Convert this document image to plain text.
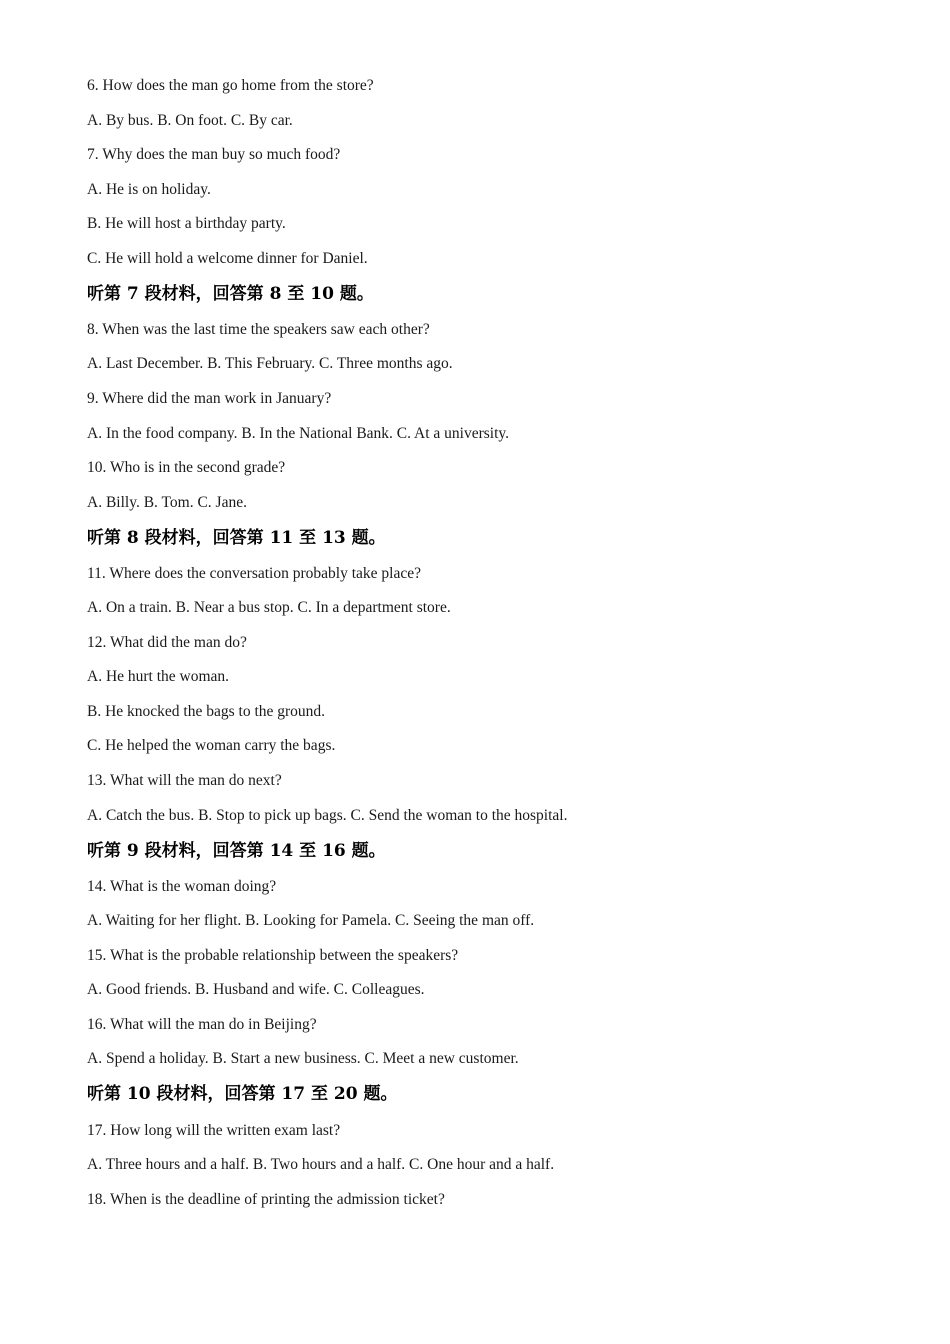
6. How does the man go home from the store?
A. By bus. B. On foot. C. By car.
7. Why does the man buy so much food?
A. He is on holiday.
B. He will host a birthday party.
C. He will hold a welcome dinner for Daniel.
听第 7 段材料，回答第 8 至 10 题。
8. When was the last time the speakers saw each other?
A. Last December. B. This February. C. Three months ago.
9. Where did the man work in January?
A. In the food company. B. In the National Bank. C. At a university.
10. Who is in the second grade?
A. Billy. B. Tom. C. Jane.
听第 8 段材料，回答第 11 至 13 题。
11. Where does the conversation probably take place?
A. On a train. B. Near a bus stop. C. In a department store.
12. What did the man do?
A. He hurt the woman.
B. He knocked the bags to the ground.
C. He helped the woman carry the bags.
13. What will the man do next?
A. Catch the bus. B. Stop to pick up bags. C. Send the woman to the hospital.
听第 9 段材料，回答第 14 至 16 题。
14. What is the woman doing?
A. Waiting for her flight. B. Looking for Pamela. C. Seeing the man off.
15. What is the probable relationship between the speakers?
A. Good friends. B. Husband and wife. C. Colleagues.
16. What will the man do in Beijing?
A. Spend a holiday. B. Start a new business. C. Meet a new customer.
听第 10 段材料，回答第 17 至 20 题。
17. How long will the written exam last?
A. Three hours and a half. B. Two hours and a half. C. One hour and a half.
18. When is the deadline of printing the admission ticket?
